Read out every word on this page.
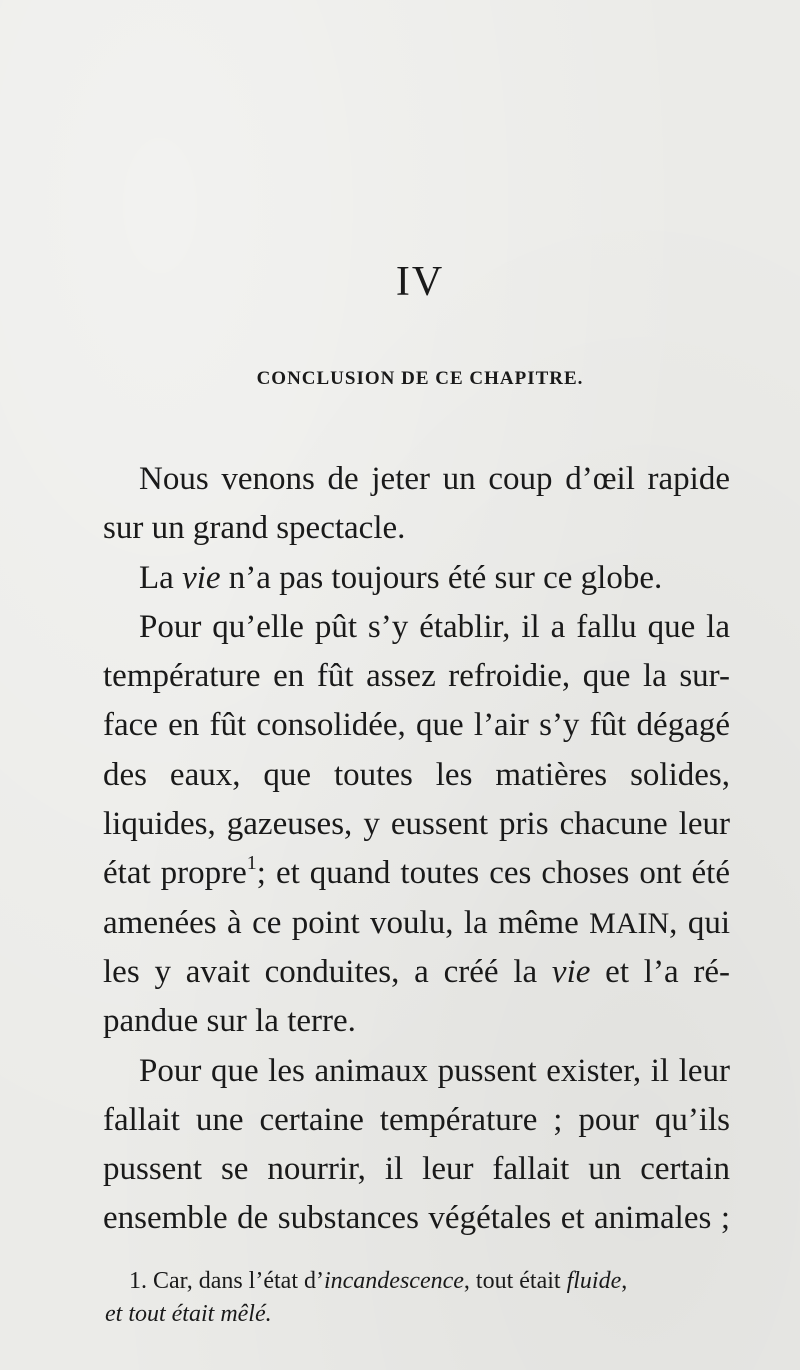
IV
CONCLUSION DE CE CHAPITRE.
Nous venons de jeter un coup d’œil rapide
sur un grand spectacle.
La vie n’a pas toujours été sur ce globe.
Pour qu’elle pût s’y établir, il a fallu que la
température en fût assez refroidie, que la sur-
face en fût consolidée, que l’air s’y fût dégagé
des eaux, que toutes les matières solides,
liquides, gazeuses, y eussent pris chacune leur
état propre$^1$; et quand toutes ces choses ont été
amenées à ce point voulu, la même MAIN, qui
les y avait conduites, a créé la vie et l’a ré-
pandue sur la terre.
Pour que les animaux pussent exister, il leur
fallait une certaine température ; pour qu’ils
pussent se nourrir, il leur fallait un certain
ensemble de substances végétales et animales ;
1. Car, dans l’état d’incandescence, tout était fluide,
et tout était mêlé.
